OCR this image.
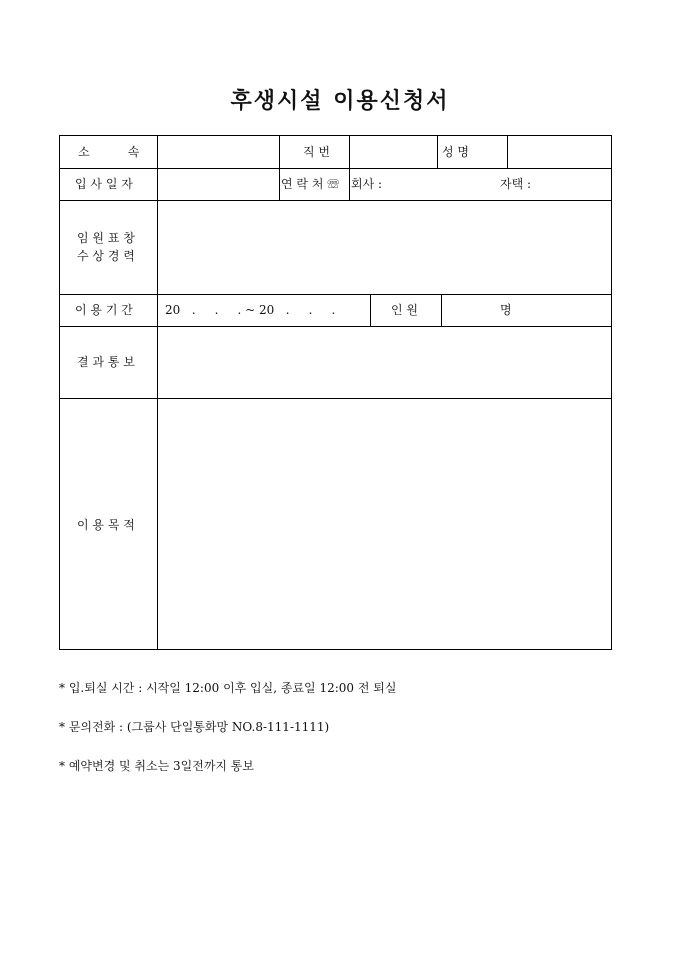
후생시설 이용신청서
소          속	직 번	성 명
입 사 일 자	연 락 처 ☏ 회사 :	자택 :
임 원 표 창
수 상 경 력
이 용 기 간	20   .     .     . ~ 20   .     .     .	인 원	명
결 과 통 보
이 용 목 적
* 입.퇴실 시간 : 시작일 12:00 이후 입실, 종료일 12:00 전 퇴실
* 문의전화 : (그룹사 단일통화망 NO.8-111-1111)
* 예약변경 및 취소는 3일전까지 통보
